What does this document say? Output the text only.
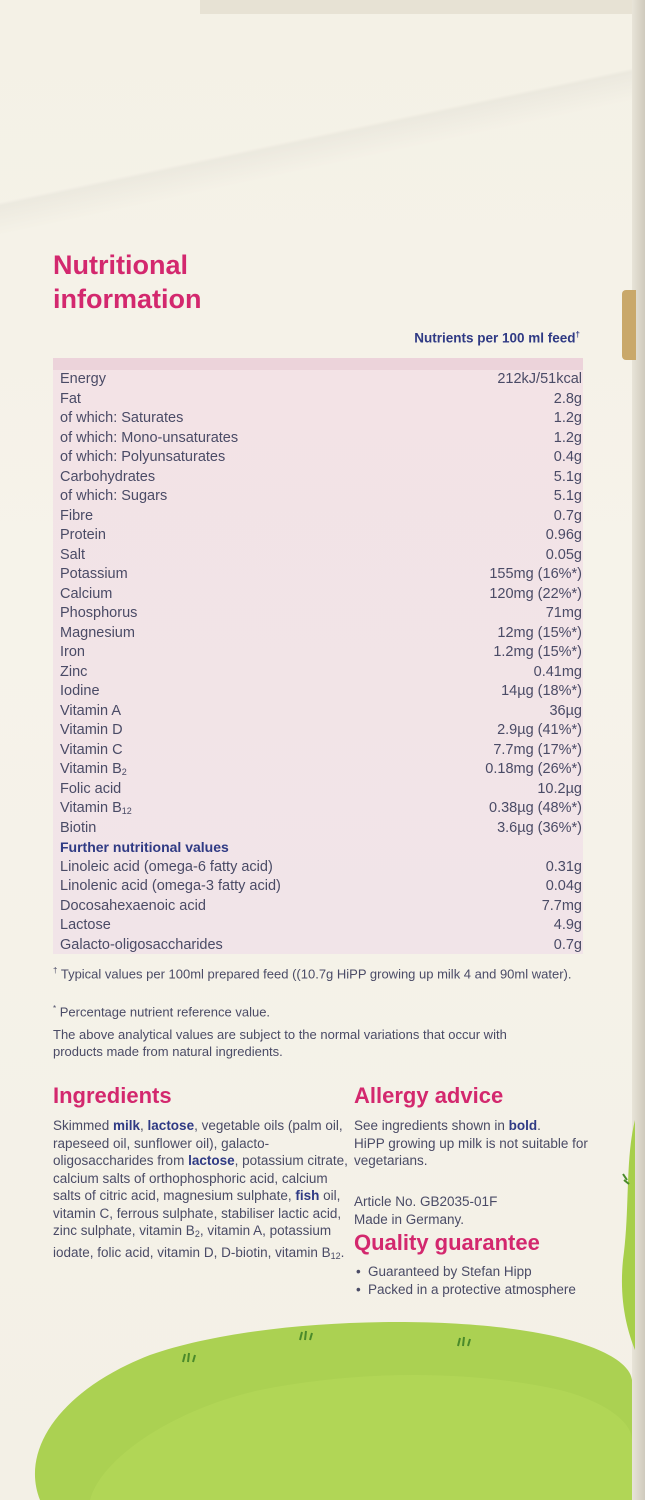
Nutritional
information
Nutrients per 100 ml feed†
Energy	212kJ/51kcal
Fat	2.8g
of which: Saturates	1.2g
of which: Mono-unsaturates	1.2g
of which: Polyunsaturates	0.4g
Carbohydrates	5.1g
of which: Sugars	5.1g
Fibre	0.7g
Protein	0.96g
Salt	0.05g
Potassium	155mg (16%*)
Calcium	120mg (22%*)
Phosphorus	71mg
Magnesium	12mg (15%*)
Iron	1.2mg (15%*)
Zinc	0.41mg
Iodine	14µg (18%*)
Vitamin A	36µg
Vitamin D	2.9µg (41%*)
Vitamin C	7.7mg (17%*)
Vitamin $B_2$	0.18mg (26%*)
Folic acid	10.2µg
Vitamin $B_{12}$	0.38µg (48%*)
Biotin	3.6µg (36%*)
Further nutritional values
Linoleic acid (omega-6 fatty acid)	0.31g
Linolenic acid (omega-3 fatty acid)	0.04g
Docosahexaenoic acid	7.7mg
Lactose	4.9g
Galacto-oligosaccharides	0.7g
† Typical values per 100ml prepared feed ((10.7g HiPP growing up milk 4 and 90ml water).
* Percentage nutrient reference value.
The above analytical values are subject to the normal variations that occur with products made from natural ingredients.
Ingredients
Skimmed milk, lactose, vegetable oils (palm oil, rapeseed oil, sunflower oil), galacto-oligosaccharides from lactose, potassium citrate, calcium salts of orthophosphoric acid, calcium salts of citric acid, magnesium sulphate, fish oil, vitamin C, ferrous sulphate, stabiliser lactic acid, zinc sulphate, vitamin $B_2$, vitamin A, potassium iodate, folic acid, vitamin D, D-biotin, vitamin $B_{12}$.
Allergy advice
See ingredients shown in bold.
HiPP growing up milk is not suitable for vegetarians.
Article No. GB2035-01F
Made in Germany.
Quality guarantee
• Guaranteed by Stefan Hipp
• Packed in a protective atmosphere
